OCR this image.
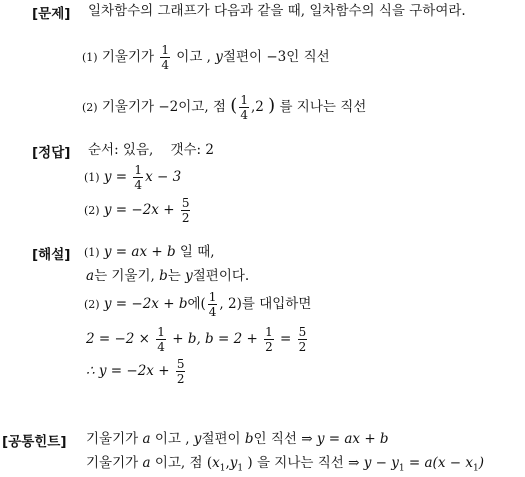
[문제] 일차함수의 그래프가 다음과 같을 때, 일차함수의 식을 구하여라.
(1) 기울기가 $\frac{1}{4}$ 이고 , y절편이 −3인 직선
(2) 기울기가 −2이고, 점 ( $\frac{1}{4} ,2$ ) 를 지나는 직선
[정답] 순서: 있음,    갯수: 2
(1) $y = \frac{1}{4}$ x − 3
(2) $y = -2x + \frac{5}{2}$
[해설] (1) y = ax + b 일 때,
a는 기울기, b는 y절편이다.
(2) y = −2x + b에( $\frac{1}{4}$ , 2)를 대입하면
$2 = -2 \times \frac{1}{4} + b$, $b = 2 + \frac{1}{2} = \frac{5}{2}$
∴ $y = -2x + \frac{5}{2}$
[공통힌트] 기울기가 a 이고 , y절편이 b인 직선 ⇒ y = ax + b
기울기가 a 이고, 점 ($x_1,y_1$ ) 을 지나는 직선 ⇒ $y - y_1 = a(x - x_1)$
